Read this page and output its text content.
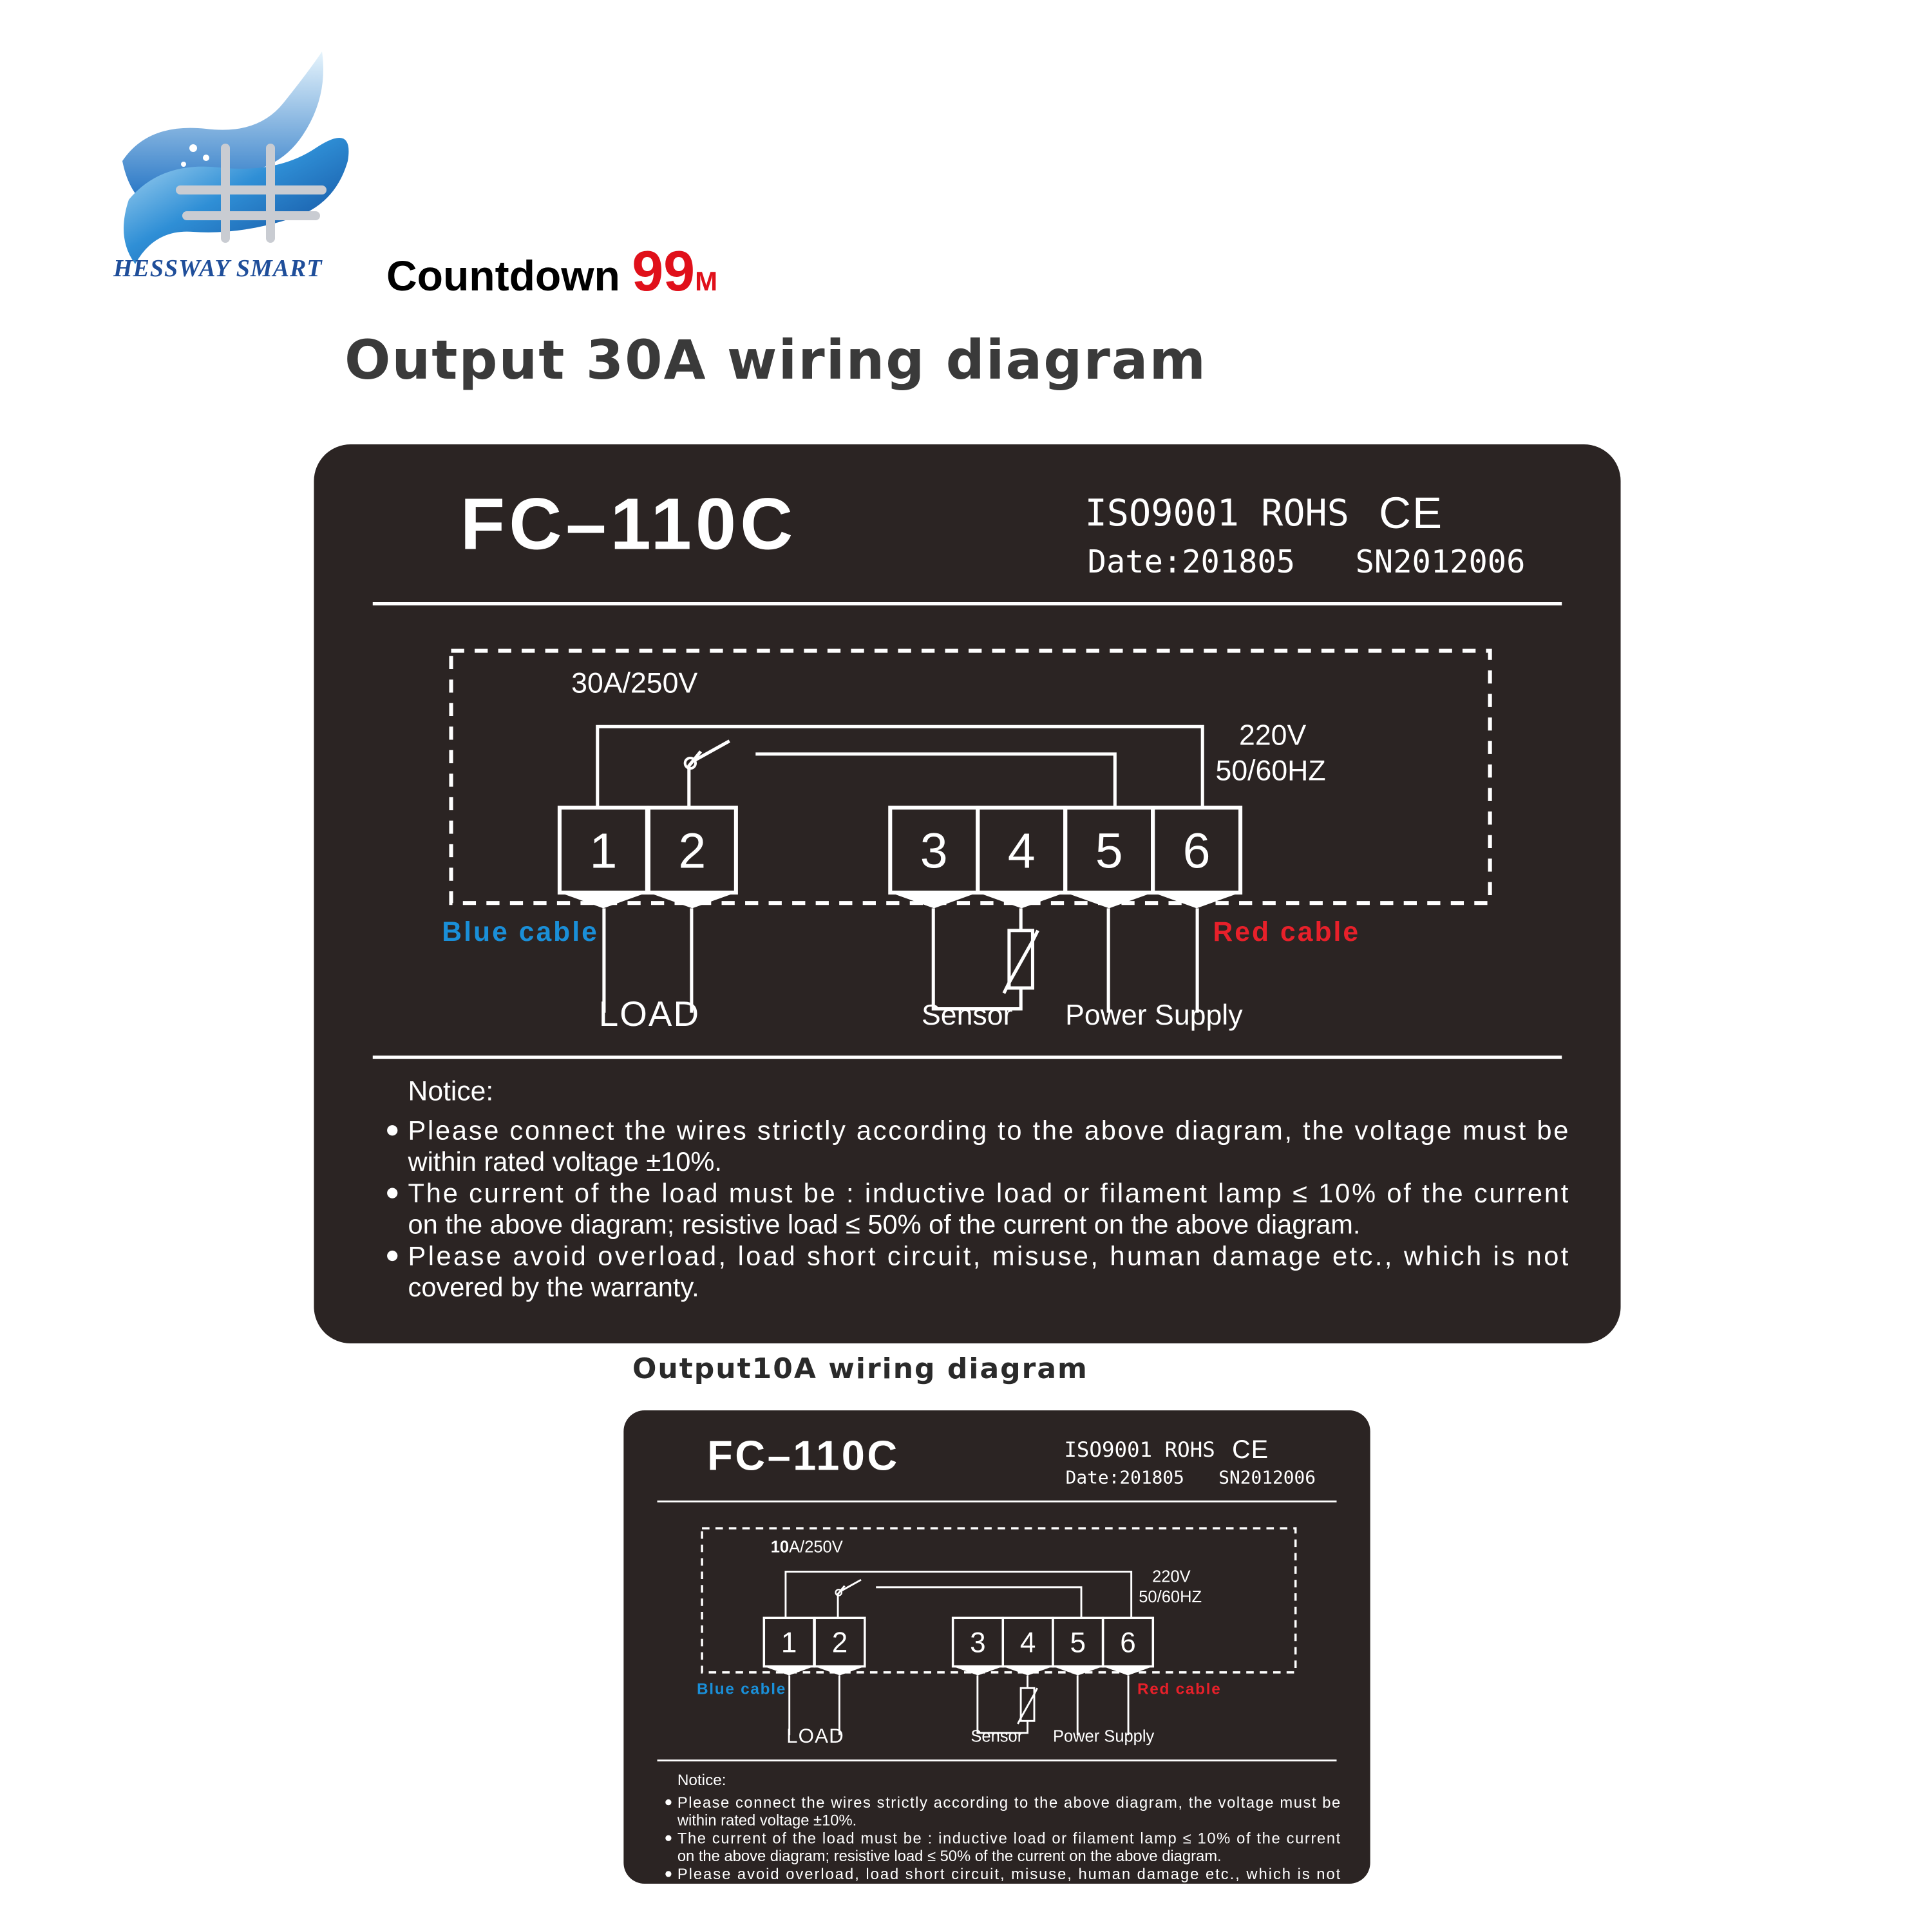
HESSWAY SMART Countdown 99M
Output 30A wiring diagram
Output10A wiring diagram
FC–110C	ISO9001 ROHS CE
Date:201805	SN2012006
30A/250V
220V
50/60HZ
1	2	3 4 5 6
Blue cable	Red cable
LOAD	Sensor	Power Supply
Notice:
Please connect the wires strictly according to the above diagram, the voltage must be
within rated voltage ±10%.
The current of the load must be : inductive load or filament lamp ≤ 10% of the current
on the above diagram; resistive load ≤ 50% of the current on the above diagram.
Please avoid overload, load short circuit, misuse, human damage etc., which is not
covered by the warranty.
FC–110C	ISO9001 ROHS CE
Date:201805 SN2012006
10A/250V
220V
50/60HZ
1 2	3 4 5 6
Blue cable	Red cable
LOAD	Sensor Power Supply
Notice:
Please connect the wires strictly according to the above diagram, the voltage must be
within rated voltage ±10%.
The current of the load must be : inductive load or filament lamp ≤ 10% of the current
on the above diagram; resistive load ≤ 50% of the current on the above diagram.
Please avoid overload, load short circuit, misuse, human damage etc., which is not
covered by the warranty.
